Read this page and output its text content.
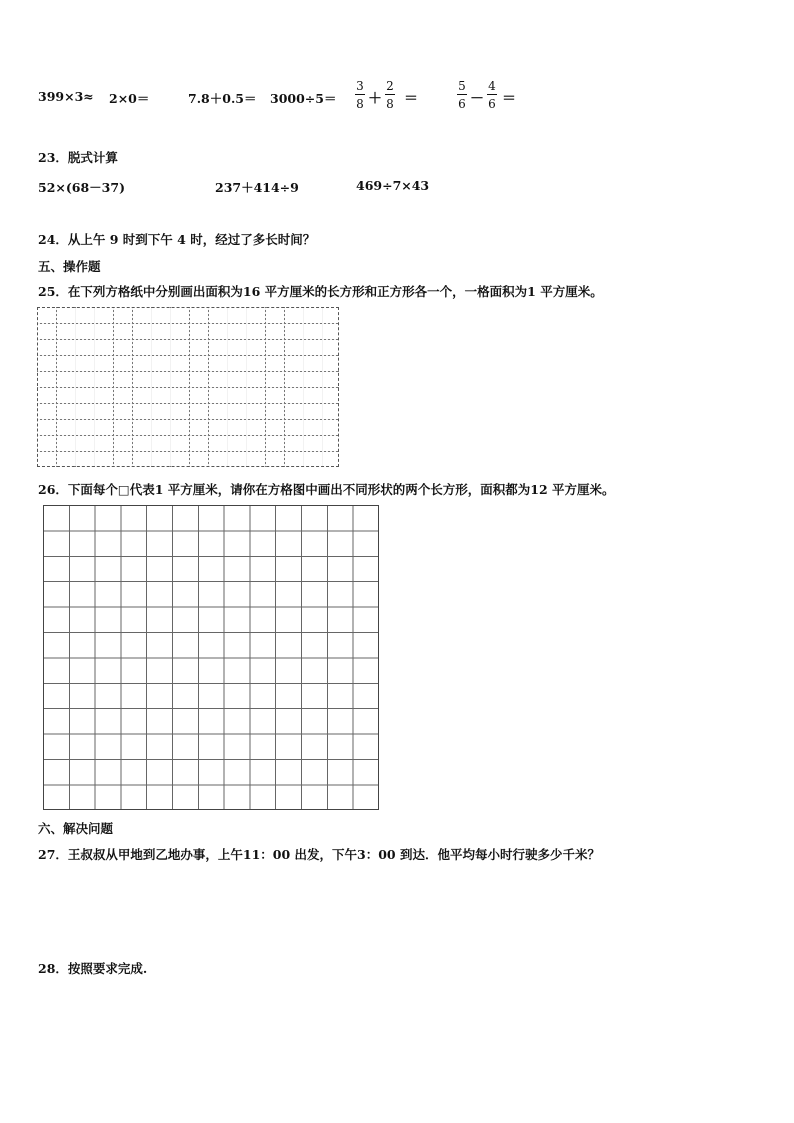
399×3≈ 2×0＝	7.8＋0.5＝ 3000÷5＝
3
8 ＋
2
8 ＝
5
6 －
4
6 ＝
23．脱式计算
52×(68－37)	237＋414÷9	469÷7×43
24．从上午 9 时到下午 4 时，经过了多长时间？
五、操作题
25．在下列方格纸中分别画出面积为16 平方厘米的长方形和正方形各一个，一格面积为1 平方厘米。
26．下面每个□代表1 平方厘米，请你在方格图中画出不同形状的两个长方形，面积都为12 平方厘米。
六、解决问题
27．王叔叔从甲地到乙地办事，上午11：00 出发，下午3：00 到达．他平均每小时行驶多少千米？
28．按照要求完成.
